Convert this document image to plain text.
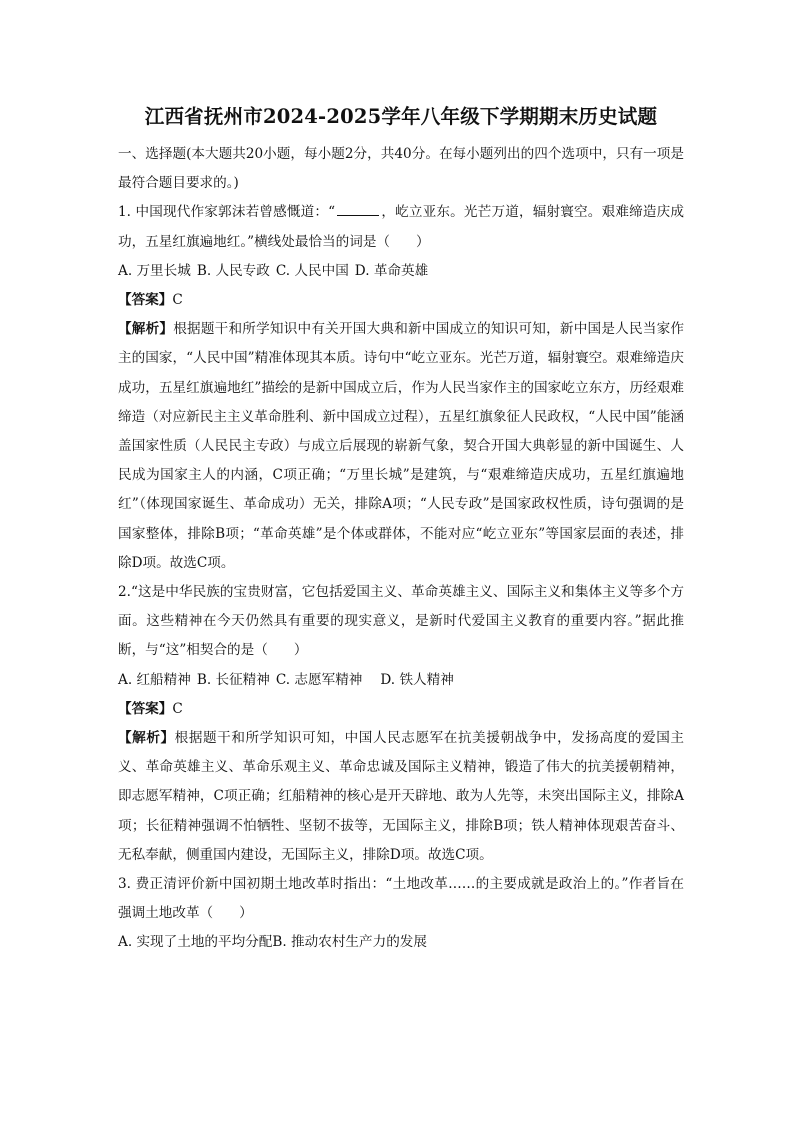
江西省抚州市2024-2025学年八年级下学期期末历史试题

一、选择题(本大题共20小题，每小题2分，共40分。在每小题列出的四个选项中，只有一项是最符合题目要求的。)

1. 中国现代作家郭沫若曾感慨道：“	，屹立亚东。光芒万道，辐射寰空。艰难缔造庆成功，五星红旗遍地红。”横线处最恰当的词是（ ）

A. 万里长城 B. 人民专政 C. 人民中国 D. 革命英雄

【答案】C

【解析】根据题干和所学知识中有关开国大典和新中国成立的知识可知，新中国是人民当家作主的国家，“人民中国”精准体现其本质。诗句中“屹立亚东。光芒万道，辐射寰空。艰难缔造庆成功，五星红旗遍地红”描绘的是新中国成立后，作为人民当家作主的国家屹立东方，历经艰难缔造（对应新民主主义革命胜利、新中国成立过程），五星红旗象征人民政权，“人民中国”能涵盖国家性质（人民民主专政）与成立后展现的崭新气象，契合开国大典彰显的新中国诞生、人民成为国家主人的内涵，C项正确；“万里长城”是建筑，与“艰难缔造庆成功，五星红旗遍地红”（体现国家诞生、革命成功）无关，排除A项；“人民专政”是国家政权性质，诗句强调的是国家整体，排除B项；“革命英雄”是个体或群体，不能对应“屹立亚东”等国家层面的表述，排除D项。故选C项。

2.“这是中华民族的宝贵财富，它包括爱国主义、革命英雄主义、国际主义和集体主义等多个方面。这些精神在今天仍然具有重要的现实意义，是新时代爱国主义教育的重要内容。”据此推断，与“这”相契合的是（ ）

A. 红船精神 B. 长征精神 C. 志愿军精神 D. 铁人精神

【答案】C

【解析】根据题干和所学知识可知，中国人民志愿军在抗美援朝战争中，发扬高度的爱国主义、革命英雄主义、革命乐观主义、革命忠诚及国际主义精神，锻造了伟大的抗美援朝精神，即志愿军精神，C项正确；红船精神的核心是开天辟地、敢为人先等，未突出国际主义，排除A项；长征精神强调不怕牺牲、坚韧不拔等，无国际主义，排除B项；铁人精神体现艰苦奋斗、无私奉献，侧重国内建设，无国际主义，排除D项。故选C项。

3. 费正清评价新中国初期土地改革时指出：“土地改革……的主要成就是政治上的。”作者旨在强调土地改革（ ）

A. 实现了土地的平均分配B. 推动农村生产力的发展
